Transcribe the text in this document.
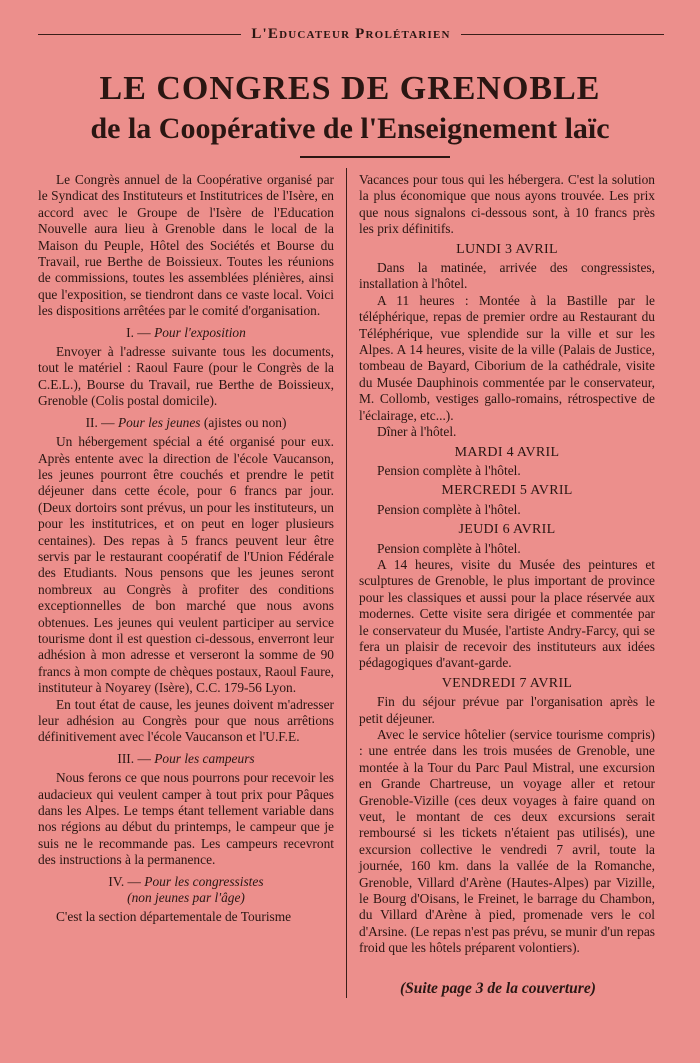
L'Educateur Prolétarien
LE CONGRES DE GRENOBLE
de la Coopérative de l'Enseignement laïc

Le Congrès annuel de la Coopérative organisé par le Syndicat des Instituteurs et Institutrices de l'Isère, en accord avec le Groupe de l'Isère de l'Education Nouvelle aura lieu à Grenoble dans le local de la Maison du Peuple, Hôtel des Sociétés et Bourse du Travail, rue Berthe de Boissieux. Toutes les réunions de commissions, toutes les assemblées plénières, ainsi que l'exposition, se tiendront dans ce vaste local. Voici les dispositions arrêtées par le comité d'organisation.

I. — Pour l'exposition

Envoyer à l'adresse suivante tous les documents, tout le matériel : Raoul Faure (pour le Congrès de la C.E.L.), Bourse du Travail, rue Berthe de Boissieux, Grenoble (Colis postal domicile).

II. — Pour les jeunes (ajistes ou non)

Un hébergement spécial a été organisé pour eux. Après entente avec la direction de l'école Vaucanson, les jeunes pourront être couchés et prendre le petit déjeuner dans cette école, pour 6 francs par jour. (Deux dortoirs sont prévus, un pour les instituteurs, un pour les institutrices, et on peut en loger plusieurs centaines). Des repas à 5 francs peuvent leur être servis par le restaurant coopératif de l'Union Fédérale des Etudiants. Nous pensons que les jeunes seront nombreux au Congrès à profiter des conditions exceptionnelles de bon marché que nous avons obtenues. Les jeunes qui veulent participer au service tourisme dont il est question ci-dessous, enverront leur adhésion à mon adresse et verseront la somme de 90 francs à mon compte de chèques postaux, Raoul Faure, instituteur à Noyarey (Isère), C.C. 179-56 Lyon.

En tout état de cause, les jeunes doivent m'adresser leur adhésion au Congrès pour que nous arrêtions définitivement avec l'école Vaucanson et l'U.F.E.

III. — Pour les campeurs

Nous ferons ce que nous pourrons pour recevoir les audacieux qui veulent camper à tout prix pour Pâques dans les Alpes. Le temps étant tellement variable dans nos régions au début du printemps, le campeur que je suis ne le recommande pas. Les campeurs recevront des instructions à la permanence.

IV. — Pour les congressistes
(non jeunes par l'âge)

C'est la section départementale de Tourisme

Vacances pour tous qui les hébergera. C'est la solution la plus économique que nous ayons trouvée. Les prix que nous signalons ci-dessous sont, à 10 francs près les prix définitifs.

LUNDI 3 AVRIL

Dans la matinée, arrivée des congressistes, installation à l'hôtel.

A 11 heures : Montée à la Bastille par le téléphérique, repas de premier ordre au Restaurant du Téléphérique, vue splendide sur la ville et sur les Alpes. A 14 heures, visite de la ville (Palais de Justice, tombeau de Bayard, Ciborium de la cathédrale, visite du Musée Dauphinois commentée par le conservateur, M. Collomb, vestiges gallo-romains, rétrospective de l'éclairage, etc...).

Dîner à l'hôtel.

MARDI 4 AVRIL

Pension complète à l'hôtel.

MERCREDI 5 AVRIL

Pension complète à l'hôtel.

JEUDI 6 AVRIL

Pension complète à l'hôtel.

A 14 heures, visite du Musée des peintures et sculptures de Grenoble, le plus important de province pour les classiques et aussi pour la place réservée aux modernes. Cette visite sera dirigée et commentée par le conservateur du Musée, l'artiste Andry-Farcy, qui se fera un plaisir de recevoir des instituteurs aux idées pédagogiques d'avant-garde.

VENDREDI 7 AVRIL

Fin du séjour prévue par l'organisation après le petit déjeuner.

Avec le service hôtelier (service tourisme compris) : une entrée dans les trois musées de Grenoble, une montée à la Tour du Parc Paul Mistral, une excursion en Grande Chartreuse, un voyage aller et retour Grenoble-Vizille (ces deux voyages à faire quand on veut, le montant de ces deux excursions serait remboursé si les tickets n'étaient pas utilisés), une excursion collective le vendredi 7 avril, toute la journée, 160 km. dans la vallée de la Romanche, Grenoble, Villard d'Arène (Hautes-Alpes) par Vizille, le Bourg d'Oisans, le Freinet, le barrage du Chambon, du Villard d'Arène à pied, promenade vers le col d'Arsine. (Le repas n'est pas prévu, se munir d'un repas froid que les hôtels préparent volontiers).

(Suite page 3 de la couverture)
